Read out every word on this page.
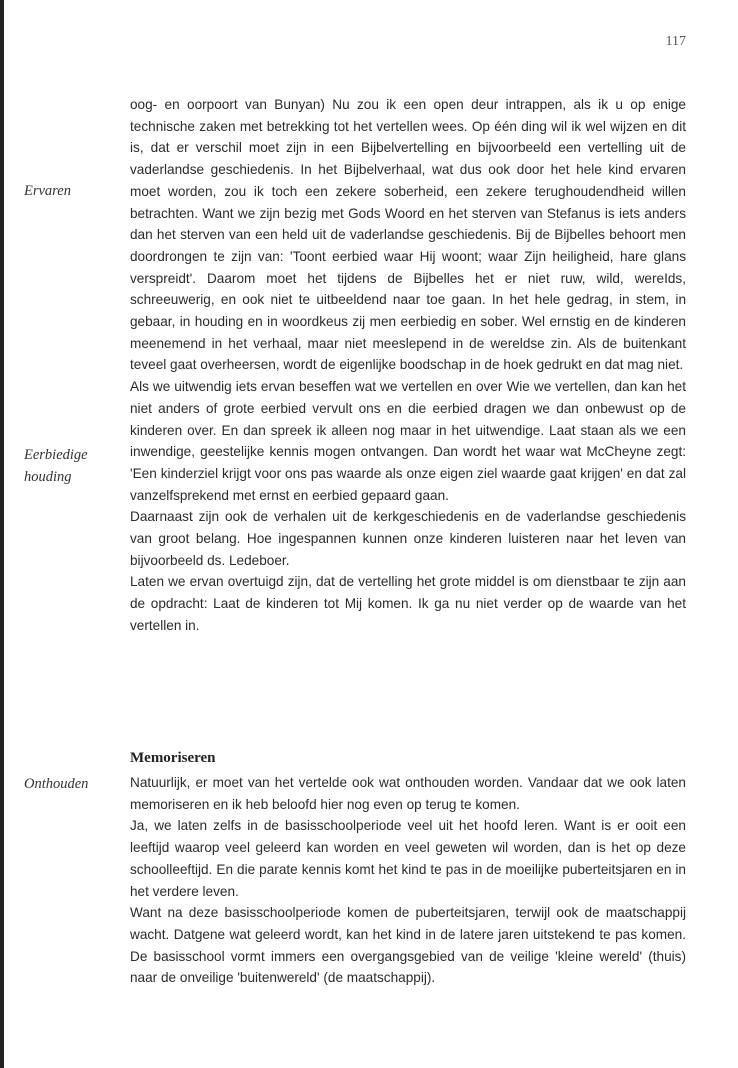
117
Ervaren
Eerbiedige houding
Onthouden

oog- en oorpoort van Bunyan) Nu zou ik een open deur intrappen, als ik u op enige technische zaken met betrekking tot het vertellen wees. Op één ding wil ik wel wijzen en dit is, dat er verschil moet zijn in een Bijbelvertelling en bijvoorbeeld een vertelling uit de vaderlandse geschiedenis. In het Bijbelverhaal, wat dus ook door het hele kind ervaren moet worden, zou ik toch een zekere soberheid, een zekere terughoudendheid willen betrachten. Want we zijn bezig met Gods Woord en het sterven van Stefanus is iets anders dan het sterven van een held uit de vaderlandse geschiedenis. Bij de Bijbelles behoort men doordrongen te zijn van: 'Toont eerbied waar Hij woont; waar Zijn heiligheid, hare glans verspreidt'. Daarom moet het tijdens de Bijbelles het er niet ruw, wild, wereIds, schreeuwerig, en ook niet te uitbeeldend naar toe gaan. In het hele gedrag, in stem, in gebaar, in houding en in woordkeus zij men eerbiedig en sober. Wel ernstig en de kinderen meenemend in het verhaal, maar niet meeslepend in de wereldse zin. Als de buitenkant teveel gaat overheersen, wordt de eigenlijke boodschap in de hoek gedrukt en dat mag niet.

Als we uitwendig iets ervan beseffen wat we vertellen en over Wie we vertellen, dan kan het niet anders of grote eerbied vervult ons en die eerbied dragen we dan onbewust op de kinderen over. En dan spreek ik alleen nog maar in het uitwendige. Laat staan als we een inwendige, geestelijke kennis mogen ontvangen. Dan wordt het waar wat McCheyne zegt: 'Een kinderziel krijgt voor ons pas waarde als onze eigen ziel waarde gaat krijgen' en dat zal vanzelfsprekend met ernst en eerbied gepaard gaan.

Daarnaast zijn ook de verhalen uit de kerkgeschiedenis en de vaderlandse geschiedenis van groot belang. Hoe ingespannen kunnen onze kinderen luisteren naar het leven van bijvoorbeeld ds. Ledeboer.

Laten we ervan overtuigd zijn, dat de vertelling het grote middel is om dienstbaar te zijn aan de opdracht: Laat de kinderen tot Mij komen. Ik ga nu niet verder op de waarde van het vertellen in.

Memoriseren

Natuurlijk, er moet van het vertelde ook wat onthouden worden. Vandaar dat we ook laten memoriseren en ik heb beloofd hier nog even op terug te komen.

Ja, we laten zelfs in de basisschoolperiode veel uit het hoofd leren. Want is er ooit een leeftijd waarop veel geleerd kan worden en veel geweten wil worden, dan is het op deze schoolleeftijd. En die parate kennis komt het kind te pas in de moeilijke puberteitsjaren en in het verdere leven.

Want na deze basisschoolperiode komen de puberteitsjaren, terwijl ook de maatschappij wacht. Datgene wat geleerd wordt, kan het kind in de latere jaren uitstekend te pas komen. De basisschool vormt immers een overgangsgebied van de veilige 'kleine wereld' (thuis) naar de onveilige 'buitenwereld' (de maatschappij).
